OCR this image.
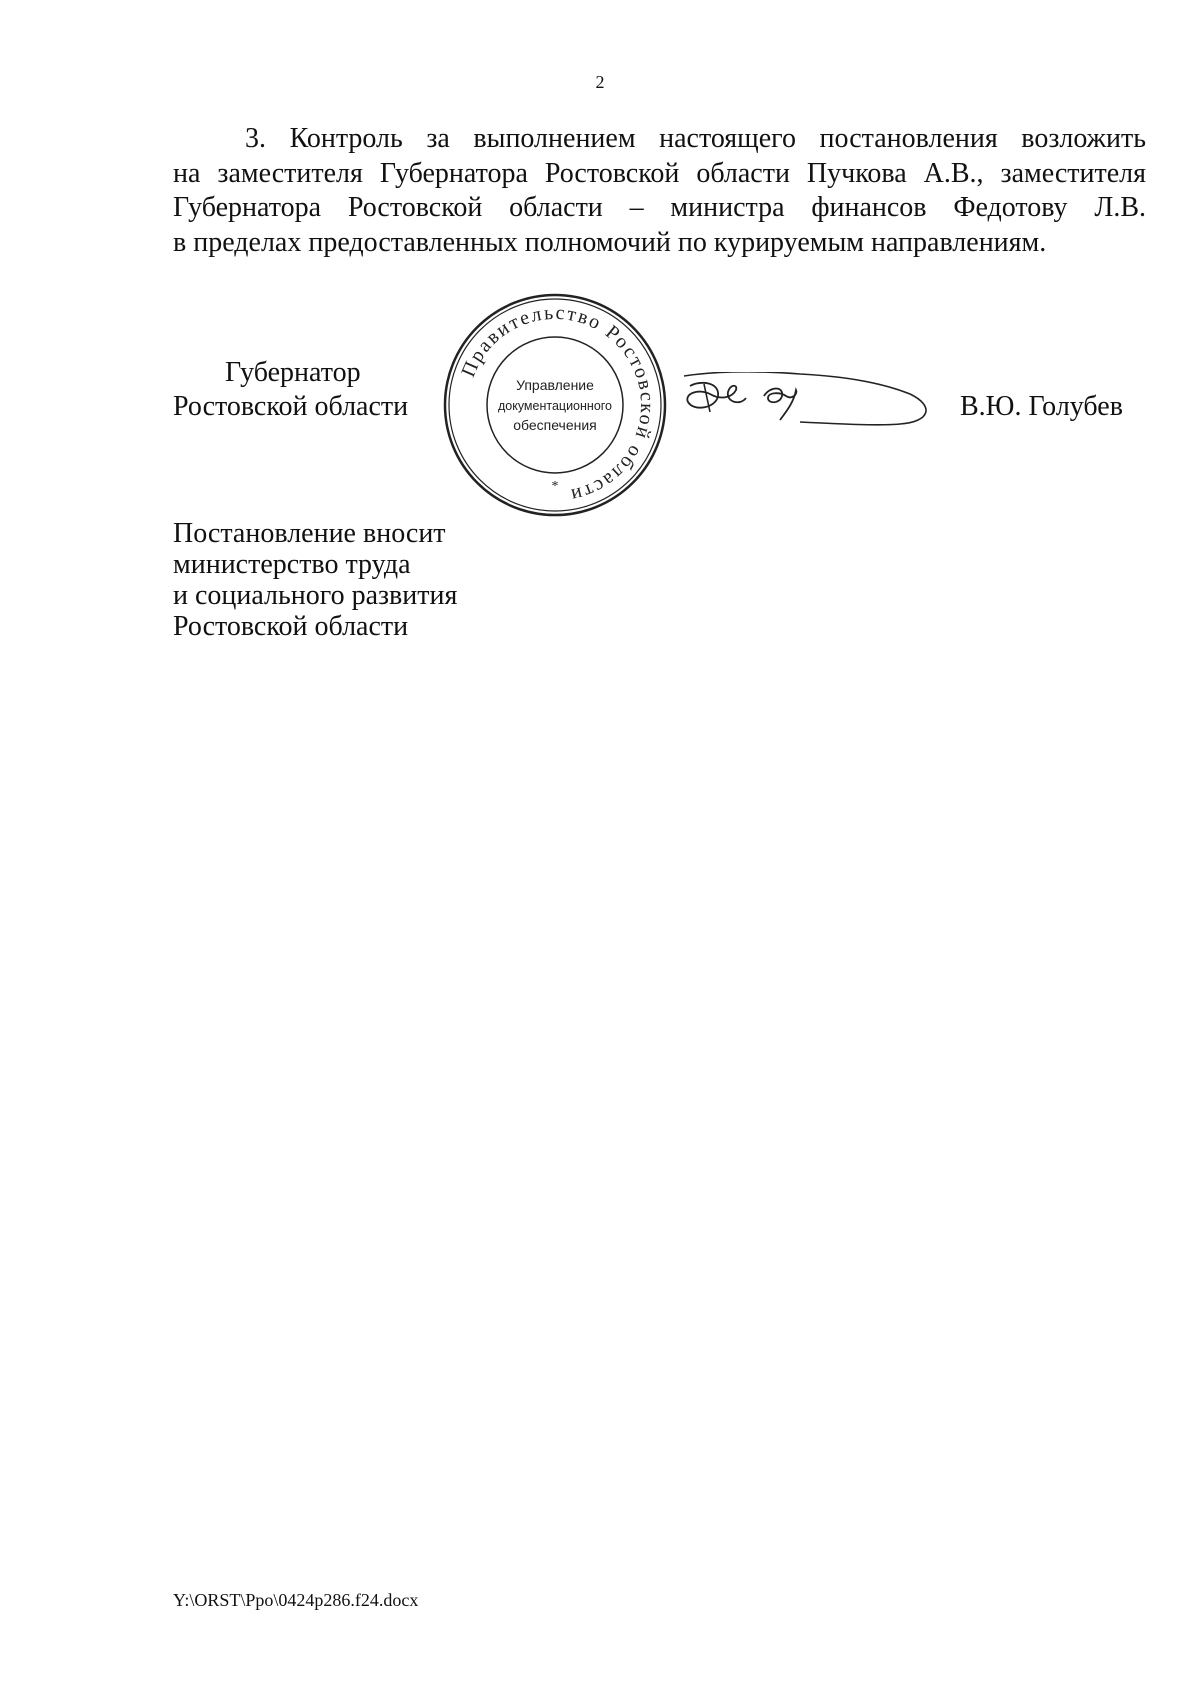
2
3. Контроль за выполнением настоящего постановления возложить
на заместителя Губернатора Ростовской области Пучкова А.В., заместителя
Губернатора Ростовской области – министра финансов Федотову Л.В.
в пределах предоставленных полномочий по курируемым направлениям.
Губернатор
Ростовской области
Правительство Ростовской области
Управление
документационного
обеспечения
*
В.Ю. Голубев
Постановление вносит
министерство труда
и социального развития
Ростовской области
Y:\ORST\Ppo\0424p286.f24.docx
